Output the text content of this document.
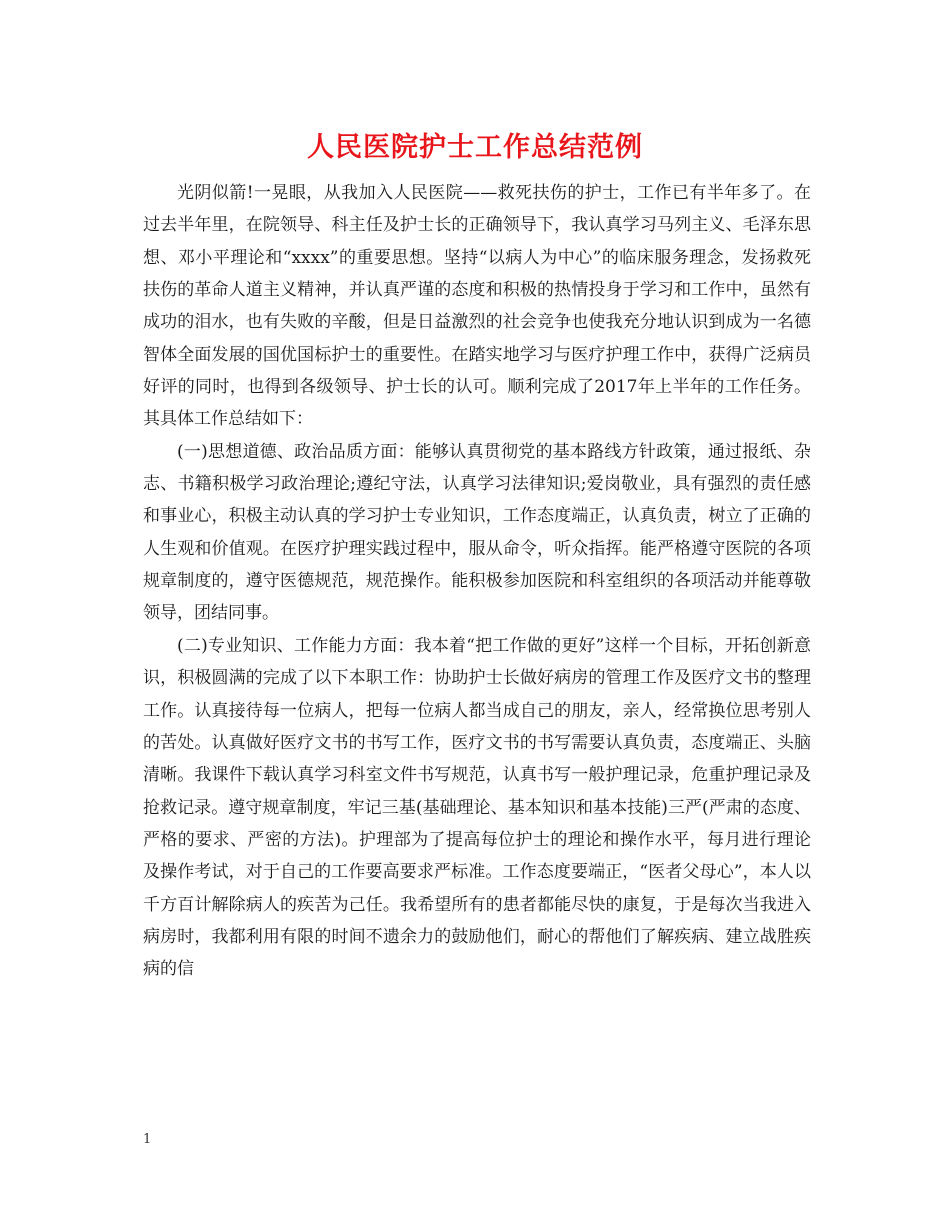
人民医院护士工作总结范例

光阴似箭!一晃眼，从我加入人民医院——救死扶伤的护士，工作已有半年多了。在过去半年里，在院领导、科主任及护士长的正确领导下，我认真学习马列主义、毛泽东思想、邓小平理论和“xxxx”的重要思想。坚持“以病人为中心”的临床服务理念，发扬救死扶伤的革命人道主义精神，并认真严谨的态度和积极的热情投身于学习和工作中，虽然有成功的泪水，也有失败的辛酸，但是日益激烈的社会竞争也使我充分地认识到成为一名德智体全面发展的国优国标护士的重要性。在踏实地学习与医疗护理工作中，获得广泛病员好评的同时，也得到各级领导、护士长的认可。顺利完成了2017年上半年的工作任务。其具体工作总结如下：

(一)思想道德、政治品质方面：能够认真贯彻党的基本路线方针政策，通过报纸、杂志、书籍积极学习政治理论;遵纪守法，认真学习法律知识;爱岗敬业，具有强烈的责任感和事业心，积极主动认真的学习护士专业知识，工作态度端正，认真负责，树立了正确的人生观和价值观。在医疗护理实践过程中，服从命令，听众指挥。能严格遵守医院的各项规章制度的，遵守医德规范，规范操作。能积极参加医院和科室组织的各项活动并能尊敬领导，团结同事。

(二)专业知识、工作能力方面：我本着“把工作做的更好”这样一个目标，开拓创新意识，积极圆满的完成了以下本职工作：协助护士长做好病房的管理工作及医疗文书的整理工作。认真接待每一位病人，把每一位病人都当成自己的朋友，亲人，经常换位思考别人的苦处。认真做好医疗文书的书写工作，医疗文书的书写需要认真负责，态度端正、头脑清晰。我课件下载认真学习科室文件书写规范，认真书写一般护理记录，危重护理记录及抢救记录。遵守规章制度，牢记三基(基础理论、基本知识和基本技能)三严(严肃的态度、严格的要求、严密的方法)。护理部为了提高每位护士的理论和操作水平，每月进行理论及操作考试，对于自己的工作要高要求严标准。工作态度要端正，“医者父母心”，本人以千方百计解除病人的疾苦为己任。我希望所有的患者都能尽快的康复，于是每次当我进入病房时，我都利用有限的时间不遗余力的鼓励他们，耐心的帮他们了解疾病、建立战胜疾病的信

1
